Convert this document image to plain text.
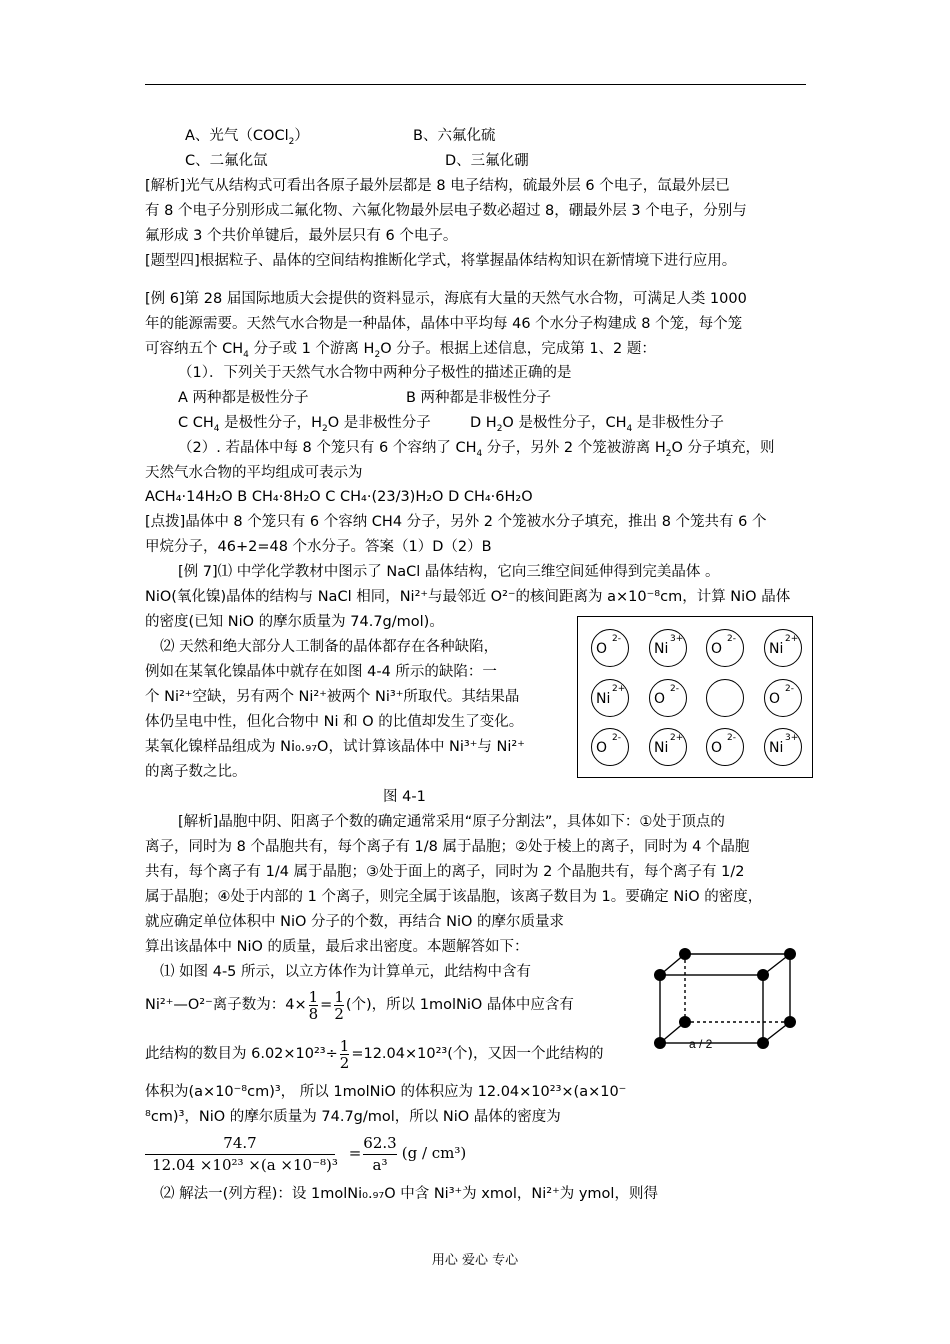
A、光气（COCl$_2$）	B、六氟化硫
C、二氟化氙	D、三氟化硼
[解析]光气从结构式可看出各原子最外层都是 8 电子结构，硫最外层 6 个电子，氙最外层已
有 8 个电子分别形成二氟化物、六氟化物最外层电子数必超过 8，硼最外层 3 个电子，分别与
氟形成 3 个共价单键后，最外层只有 6 个电子。
[题型四]根据粒子、晶体的空间结构推断化学式，将掌握晶体结构知识在新情境下进行应用。
[例 6]第 28 届国际地质大会提供的资料显示，海底有大量的天然气水合物，可满足人类 1000
年的能源需要。天然气水合物是一种晶体，晶体中平均每 46 个水分子构建成 8 个笼，每个笼
可容纳五个 $CH_4$ 分子或 1 个游离 $H_2O$ 分子。根据上述信息，完成第 1、2 题：
（1）．下列关于天然气水合物中两种分子极性的描述正确的是
A 两种都是极性分子	B 两种都是非极性分子
C $CH_4$ 是极性分子，$H_2O$ 是非极性分子	D $H_2O$ 是极性分子，$CH_4$ 是非极性分子
（2）. 若晶体中每 8 个笼只有 6 个容纳了 $CH_4$ 分子，另外 2 个笼被游离 $H_2O$ 分子填充，则
天然气水合物的平均组成可表示为
ACH₄·14H₂O B CH₄·8H₂O C CH₄·(23/3)H₂O D CH₄·6H₂O
[点拨]晶体中 8 个笼只有 6 个容纳 CH4 分子，另外 2 个笼被水分子填充，推出 8 个笼共有 6 个
甲烷分子，46+2=48 个水分子。答案（1）D（2）B
[例 7]⑴ 中学化学教材中图示了 NaCl 晶体结构，它向三维空间延伸得到完美晶体 。
NiO(氧化镍)晶体的结构与 NaCl 相同，Ni²⁺与最邻近 O²⁻的核间距离为 a×10⁻⁸cm，计算 NiO 晶体
的密度(已知 NiO 的摩尔质量为 74.7g/mol)。
⑵ 天然和绝大部分人工制备的晶体都存在各种缺陷，
例如在某氧化镍晶体中就存在如图 4-4 所示的缺陷：一
个 Ni²⁺空缺，另有两个 Ni²⁺被两个 Ni³⁺所取代。其结果晶
体仍呈电中性，但化合物中 Ni 和 O 的比值却发生了变化。
某氧化镍样品组成为 Ni₀.₉₇O，试计算该晶体中 Ni³⁺与 Ni²⁺
的离子数之比。
O
2-
Ni
3+
O
2-
Ni
2+
Ni
2+
O
2-
O
2-
O
2-
Ni
2+
O
2-
Ni
3+
图 4-1
[解析]晶胞中阴、阳离子个数的确定通常采用“原子分割法”，具体如下：①处于顶点的
离子，同时为 8 个晶胞共有，每个离子有 1/8 属于晶胞；②处于棱上的离子，同时为 4 个晶胞
共有，每个离子有 1/4 属于晶胞；③处于面上的离子，同时为 2 个晶胞共有，每个离子有 1/2
属于晶胞；④处于内部的 1 个离子，则完全属于该晶胞，该离子数目为 1。要确定 NiO 的密度，
就应确定单位体积中 NiO 分子的个数，再结合 NiO 的摩尔质量求
算出该晶体中 NiO 的质量，最后求出密度。本题解答如下：
⑴ 如图 4-5 所示，以立方体作为计算单元，此结构中含有
Ni²⁺—O²⁻离子数为：$4\times \frac{1}{8} = \frac{1}{2}$ (个)，所以 1molNiO 晶体中应含有
此结构的数目为 $6.02\times 10^{23}\div \frac{1}{2} =12.04\times 10^{23}$(个)，又因一个此结构的
体积为(a×10⁻⁸cm)³， 所以 1molNiO 的体积应为 12.04×10²³×(a×10⁻
⁸cm)³，NiO 的摩尔质量为 74.7g/mol，所以 NiO 晶体的密度为
74.7
12.04 ×10²³ ×(a ×10⁻⁸)³
=
62.3
a³
(g / cm³)
⑵ 解法一(列方程)：设 1molNi₀.₉₇O 中含 Ni³⁺为 xmol，Ni²⁺为 ymol，则得
a / 2
用心 爱心 专心
